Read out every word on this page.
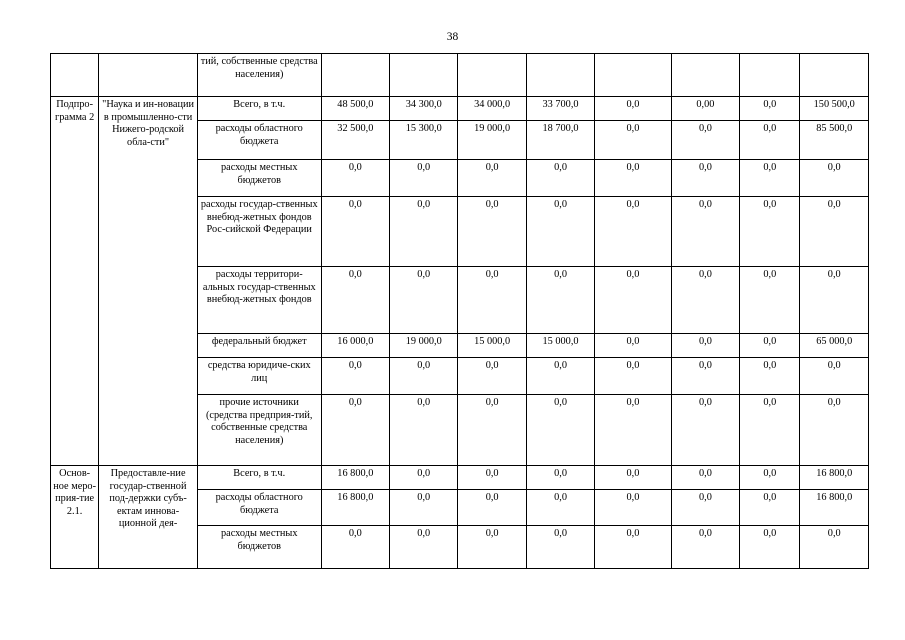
38
		тий, собственные средства населения)								
Подпро-грамма 2	"Наука и ин-новации в промышленно-сти Нижего-родской обла-сти"	Всего, в т.ч.	48 500,0	34 300,0	34 000,0	33 700,0	0,0	0,00	0,0	150 500,0
		расходы областного бюджета	32 500,0	15 300,0	19 000,0	18 700,0	0,0	0,0	0,0	85 500,0
		расходы местных бюджетов	0,0	0,0	0,0	0,0	0,0	0,0	0,0	0,0
		расходы государ-ственных внебюд-жетных фондов Рос-сийской Федерации	0,0	0,0	0,0	0,0	0,0	0,0	0,0	0,0
		расходы территори-альных государ-ственных внебюд-жетных фондов	0,0	0,0	0,0	0,0	0,0	0,0	0,0	0,0
		федеральный бюджет	16 000,0	19 000,0	15 000,0	15 000,0	0,0	0,0	0,0	65 000,0
		средства юридиче-ских лиц	0,0	0,0	0,0	0,0	0,0	0,0	0,0	0,0
		прочие источники (средства предприя-тий, собственные средства населения)	0,0	0,0	0,0	0,0	0,0	0,0	0,0	0,0
Основ-ное меро-прия-тие 2.1.	Предоставле-ние государ-ственной под-держки субъ-ектам иннова-ционной дея-	Всего, в т.ч.	16 800,0	0,0	0,0	0,0	0,0	0,0	0,0	16 800,0
		расходы областного бюджета	16 800,0	0,0	0,0	0,0	0,0	0,0	0,0	16 800,0
		расходы местных бюджетов	0,0	0,0	0,0	0,0	0,0	0,0	0,0	0,0
